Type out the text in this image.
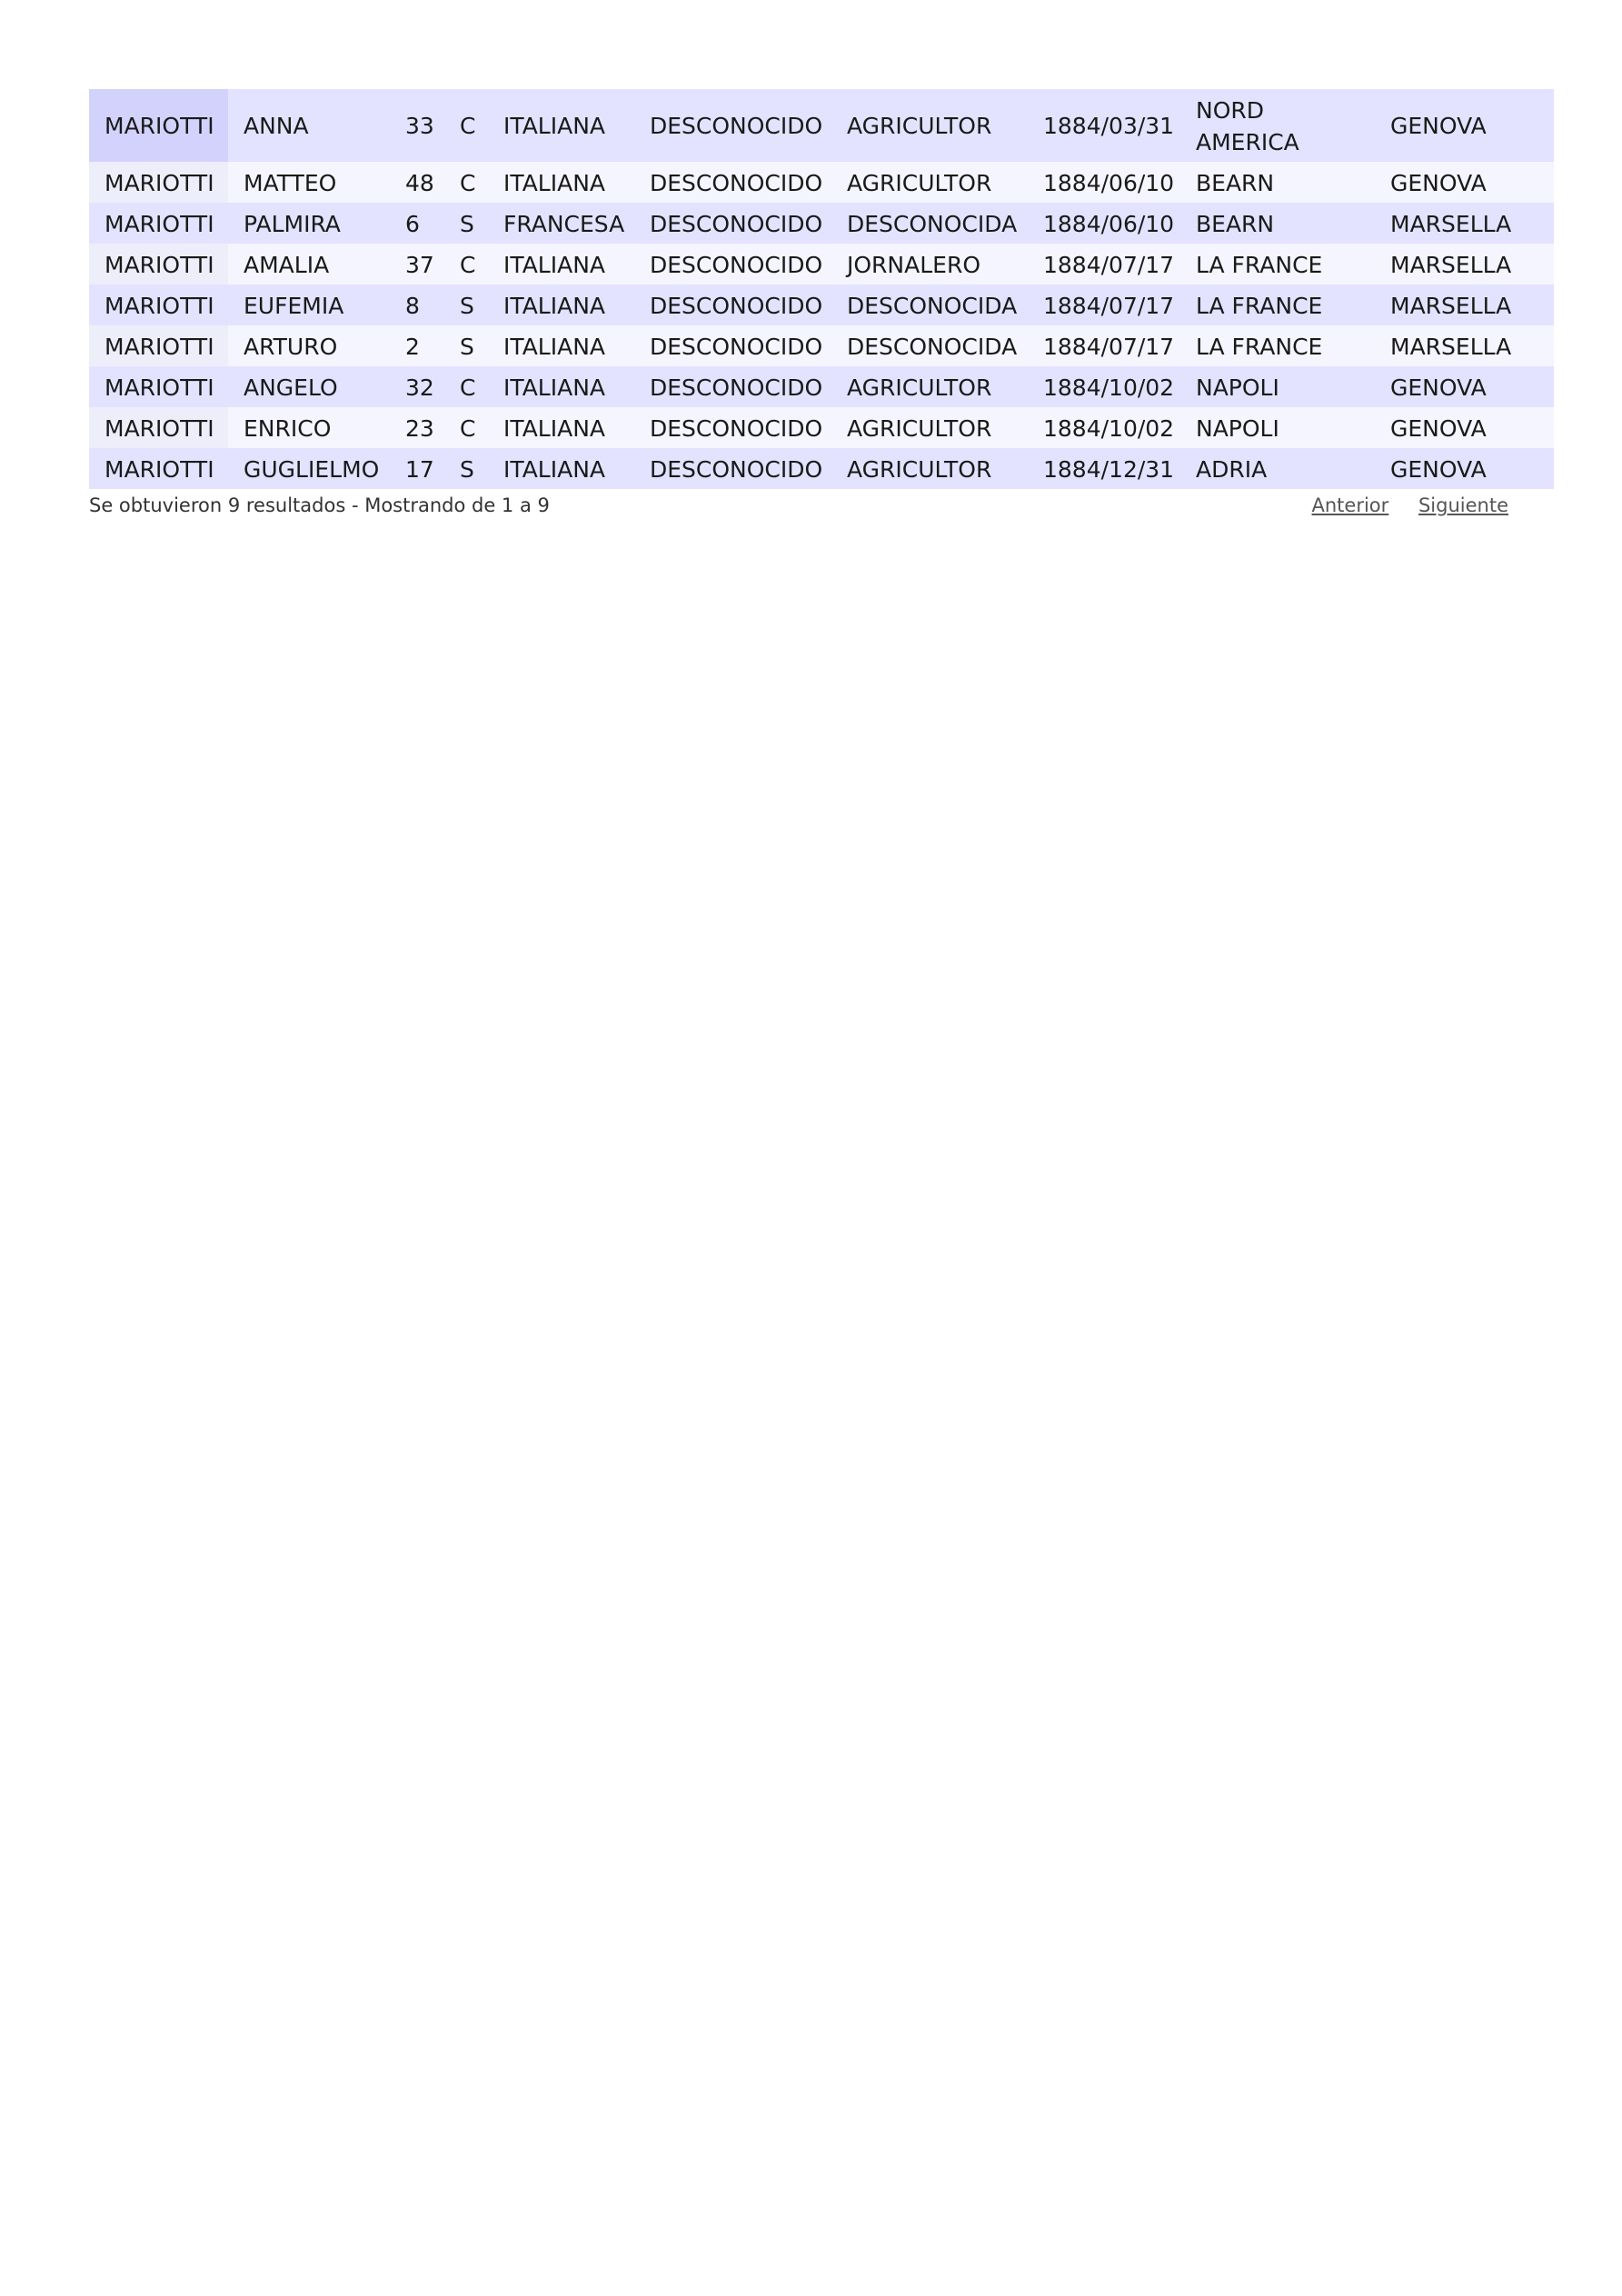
MARIOTTI	ANNA	33	C	ITALIANA	DESCONOCIDO	AGRICULTOR	1884/03/31	NORD AMERICA	GENOVA
MARIOTTI	MATTEO	48	C	ITALIANA	DESCONOCIDO	AGRICULTOR	1884/06/10	BEARN	GENOVA
MARIOTTI	PALMIRA	6	S	FRANCESA	DESCONOCIDO	DESCONOCIDA	1884/06/10	BEARN	MARSELLA
MARIOTTI	AMALIA	37	C	ITALIANA	DESCONOCIDO	JORNALERO	1884/07/17	LA FRANCE	MARSELLA
MARIOTTI	EUFEMIA	8	S	ITALIANA	DESCONOCIDO	DESCONOCIDA	1884/07/17	LA FRANCE	MARSELLA
MARIOTTI	ARTURO	2	S	ITALIANA	DESCONOCIDO	DESCONOCIDA	1884/07/17	LA FRANCE	MARSELLA
MARIOTTI	ANGELO	32	C	ITALIANA	DESCONOCIDO	AGRICULTOR	1884/10/02	NAPOLI	GENOVA
MARIOTTI	ENRICO	23	C	ITALIANA	DESCONOCIDO	AGRICULTOR	1884/10/02	NAPOLI	GENOVA
MARIOTTI	GUGLIELMO	17	S	ITALIANA	DESCONOCIDO	AGRICULTOR	1884/12/31	ADRIA	GENOVA
Se obtuvieron 9 resultados - Mostrando de 1 a 9	Anterior Siguiente
